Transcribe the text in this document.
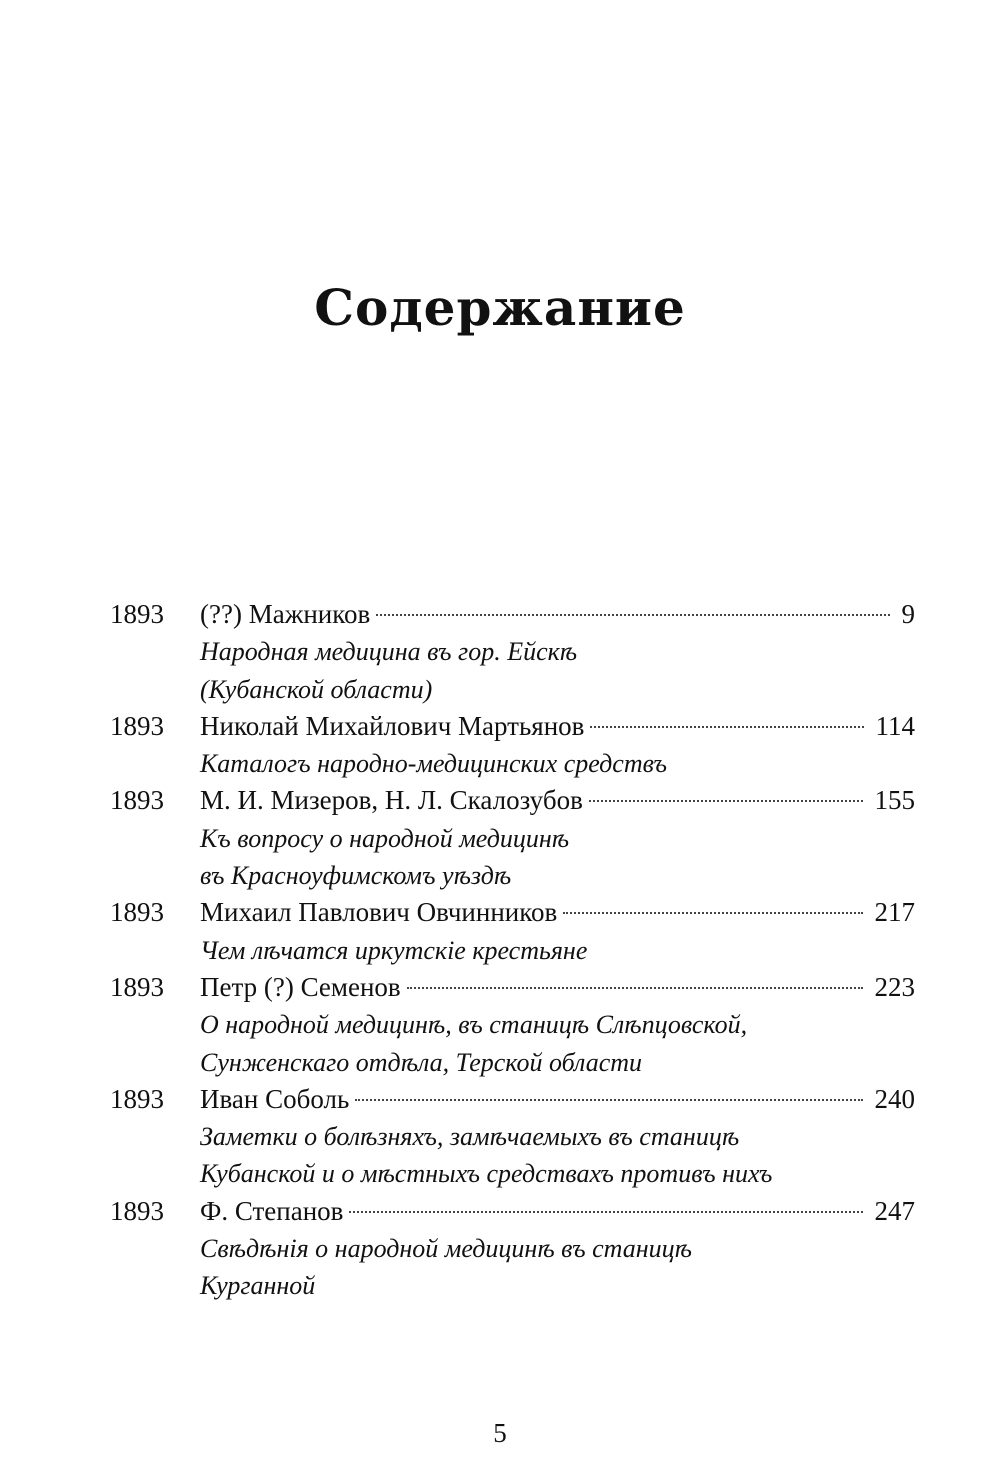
Содержание
1893	(??) Мажников	9
Народная медицина въ гор. Ейскѣ
(Кубанской области)
1893	Николай Михайлович Мартьянов	114
Каталогъ народно-медицинских средствъ
1893	М. И. Мизеров, Н. Л. Скалозубов	155
Къ вопросу о народной медицинѣ
въ Красноуфимскомъ уѣздѣ
1893	Михаил Павлович Овчинников	217
Чем лѣчатся иркутскіе крестьяне
1893	Петр (?) Семенов	223
О народной медицинѣ, въ станицѣ Слѣпцовской,
Сунженскаго отдѣла, Терской области
1893	Иван Соболь	240
Заметки о болѣзняхъ, замѣчаемыхъ въ станицѣ
Кубанской и о мѣстныхъ средствахъ противъ нихъ
1893	Ф. Степанов	247
Свѣдѣнія о народной медицинѣ въ станицѣ
Курганной
5
